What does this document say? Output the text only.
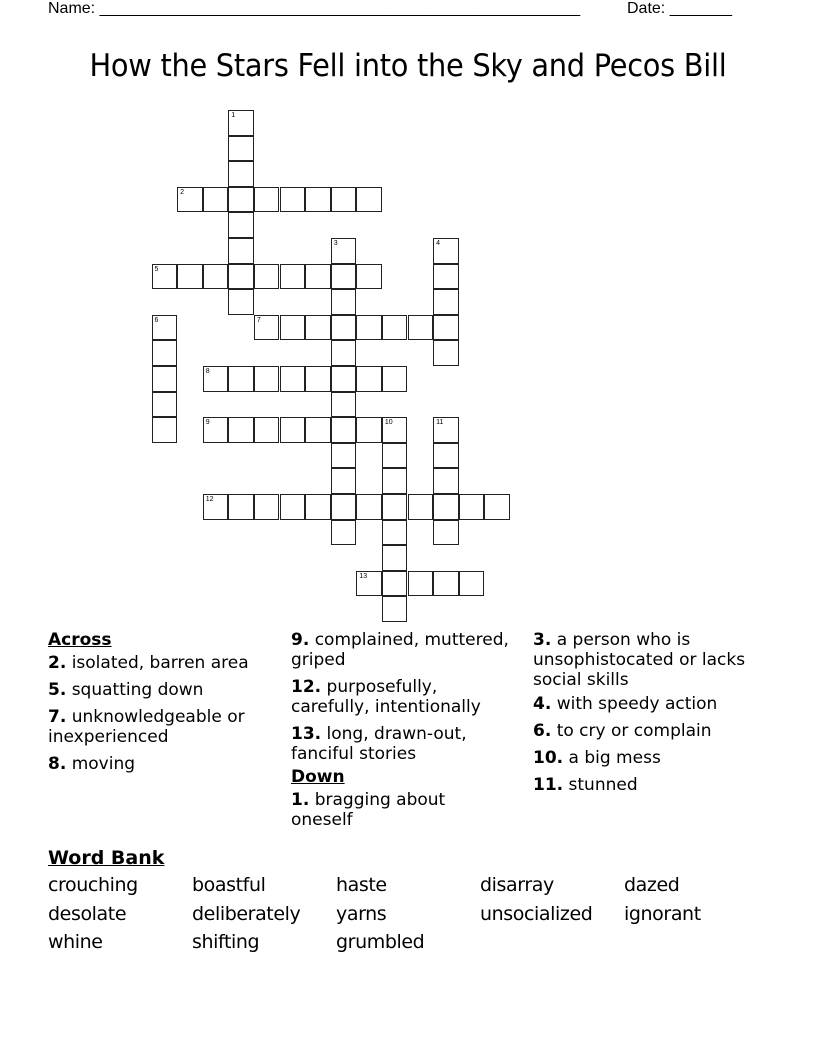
Name: ______________________________________________________	Date: _______
How the Stars Fell into the Sky and Pecos Bill
1
2
3	4
5
6	7
8
9	10	11
12
13
Across
2. isolated, barren area
5. squatting down
7. unknowledgeable or inexperienced
8. moving
9. complained, muttered, griped
12. purposefully, carefully, intentionally
13. long, drawn-out, fanciful stories
Down
1. bragging about oneself
3. a person who is unsophistocated or lacks social skills
4. with speedy action
6. to cry or complain
10. a big mess
11. stunned
Word Bank
crouching	boastful	haste	disarray	dazed
desolate	deliberately	yarns	unsocialized	ignorant
whine	shifting	grumbled
